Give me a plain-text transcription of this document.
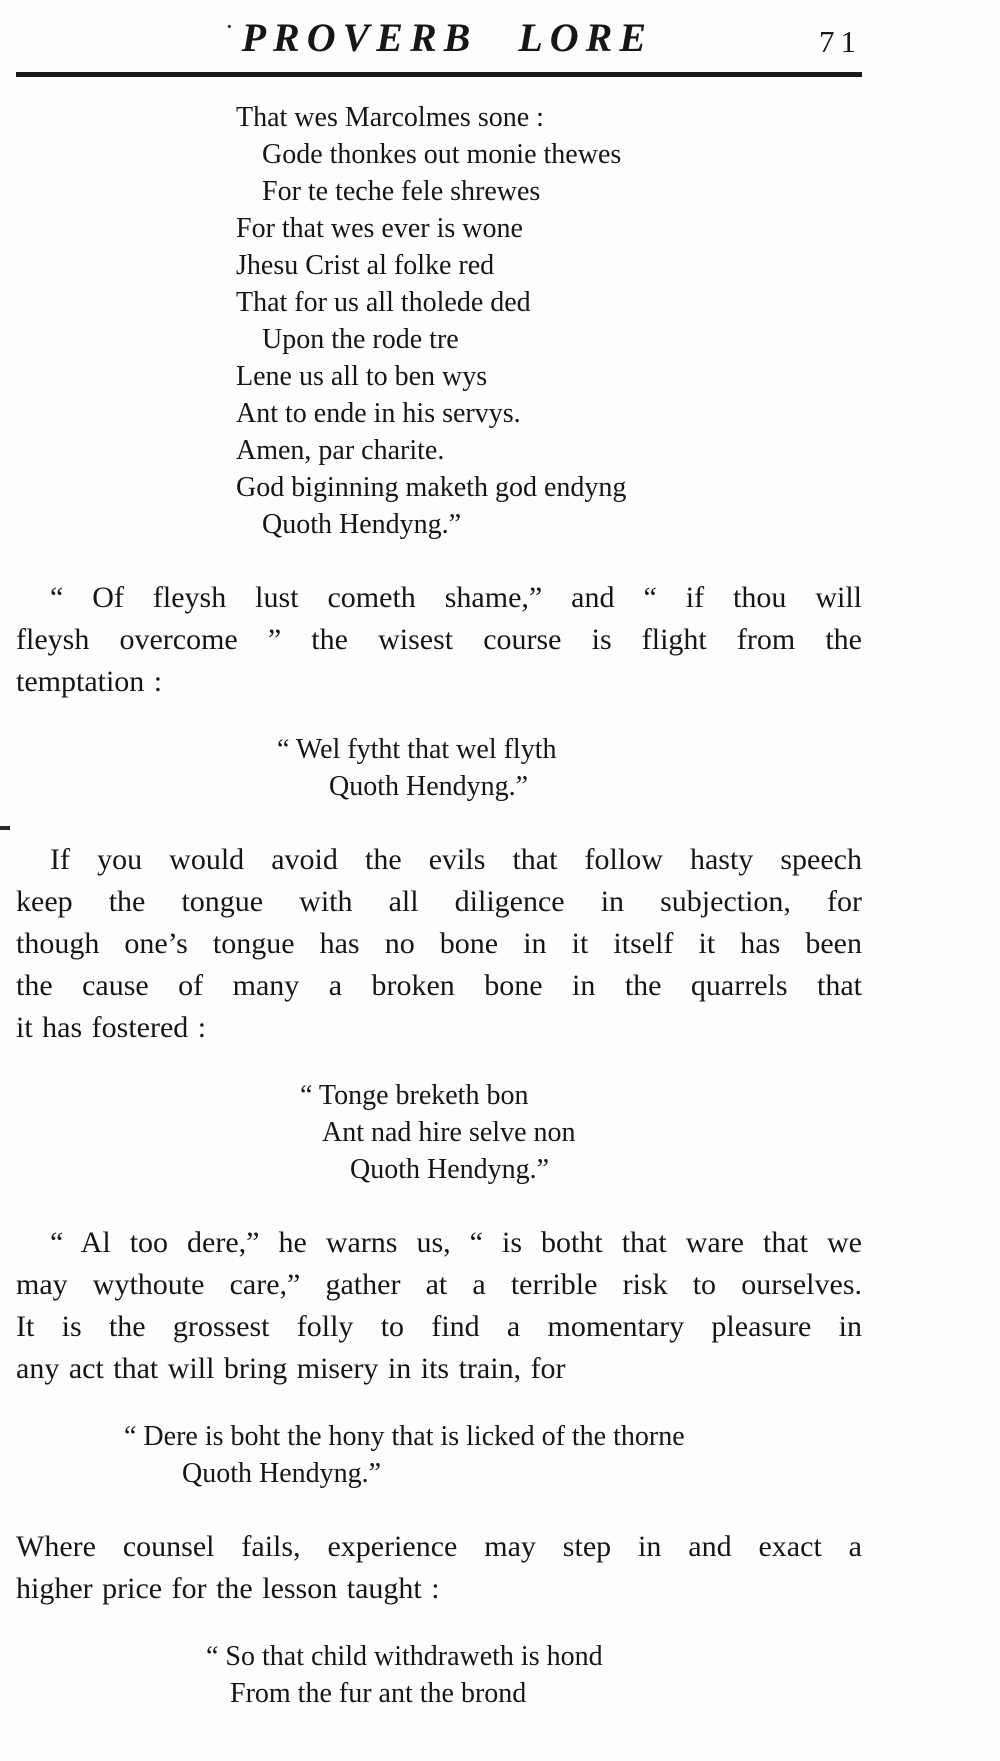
· PROVERB LORE	71
That wes Marcolmes sone :
Gode thonkes out monie thewes
For te teche fele shrewes
For that wes ever is wone
Jhesu Crist al folke red
That for us all tholede ded
Upon the rode tre
Lene us all to ben wys
Ant to ende in his servys.
Amen, par charite.
God biginning maketh god endyng
Quoth Hendyng.”
“ Of fleysh lust cometh shame,” and “ if thou will
fleysh overcome ” the wisest course is flight from the
temptation :
“ Wel fytht that wel flyth
Quoth Hendyng.”
If you would avoid the evils that follow hasty speech
keep the tongue with all diligence in subjection, for
though one’s tongue has no bone in it itself it has been
the cause of many a broken bone in the quarrels that
it has fostered :
“ Tonge breketh bon
Ant nad hire selve non
Quoth Hendyng.”
“ Al too dere,” he warns us, “ is botht that ware that we
may wythoute care,” gather at a terrible risk to ourselves.
It is the grossest folly to find a momentary pleasure in
any act that will bring misery in its train, for
“ Dere is boht the hony that is licked of the thorne
Quoth Hendyng.”
Where counsel fails, experience may step in and exact a
higher price for the lesson taught :
“ So that child withdraweth is hond
From the fur ant the brond
